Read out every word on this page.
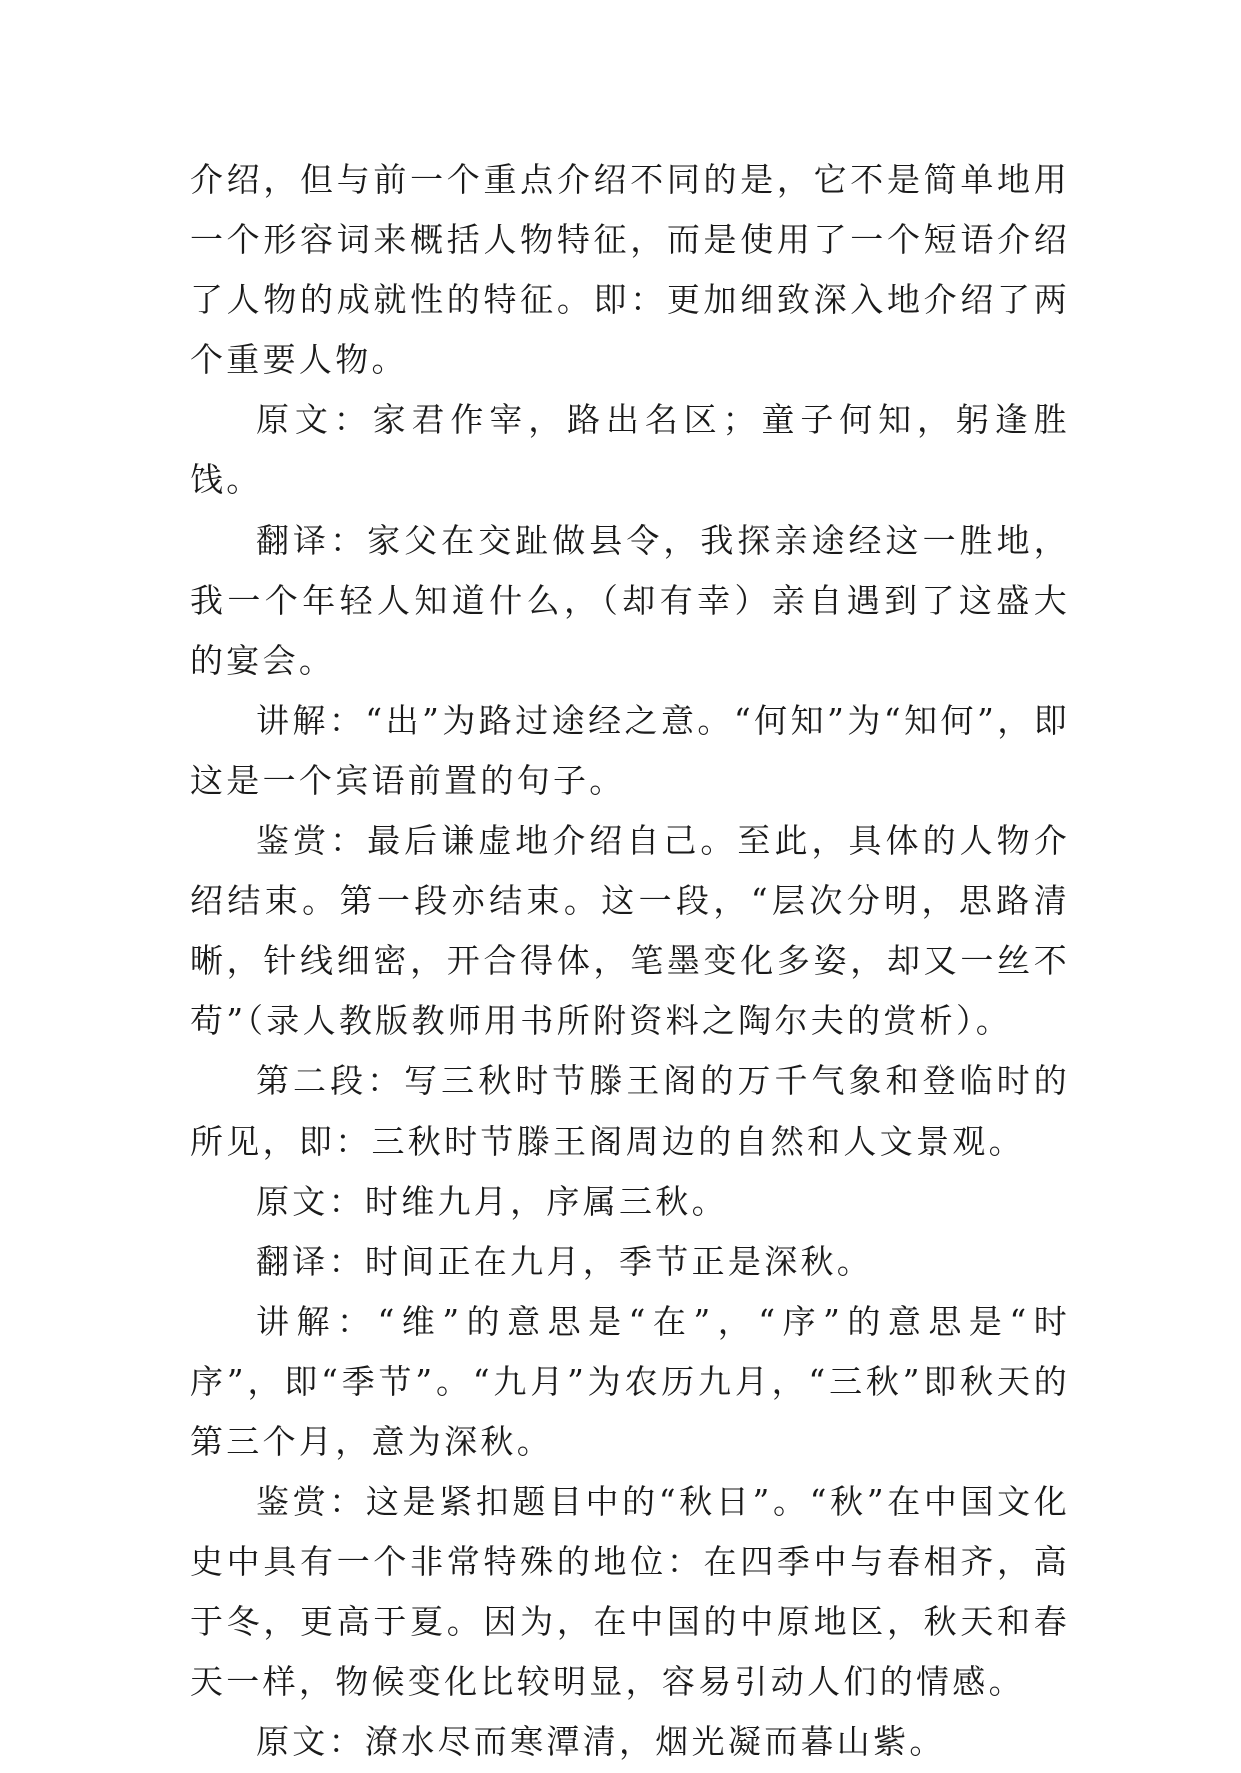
介绍，但与前一个重点介绍不同的是，它不是简单地用一个形容词来概括人物特征，而是使用了一个短语介绍了人物的成就性的特征。即：更加细致深入地介绍了两个重要人物。

原文：家君作宰，路出名区；童子何知，躬逢胜饯。

翻译：家父在交趾做县令，我探亲途经这一胜地，我一个年轻人知道什么，（却有幸）亲自遇到了这盛大的宴会。

讲解：“出”为路过途经之意。“何知”为“知何”，即这是一个宾语前置的句子。

鉴赏：最后谦虚地介绍自己。至此，具体的人物介绍结束。第一段亦结束。这一段，“层次分明，思路清晰，针线细密，开合得体，笔墨变化多姿，却又一丝不苟”（录人教版教师用书所附资料之陶尔夫的赏析）。

第二段：写三秋时节滕王阁的万千气象和登临时的所见，即：三秋时节滕王阁周边的自然和人文景观。

原文：时维九月，序属三秋。

翻译：时间正在九月，季节正是深秋。

讲解：“维”的意思是“在”，“序”的意思是“时序”，即“季节”。“九月”为农历九月，“三秋”即秋天的第三个月，意为深秋。

鉴赏：这是紧扣题目中的“秋日”。“秋”在中国文化史中具有一个非常特殊的地位：在四季中与春相齐，高于冬，更高于夏。因为，在中国的中原地区，秋天和春天一样，物候变化比较明显，容易引动人们的情感。

原文：潦水尽而寒潭清，烟光凝而暮山紫。
